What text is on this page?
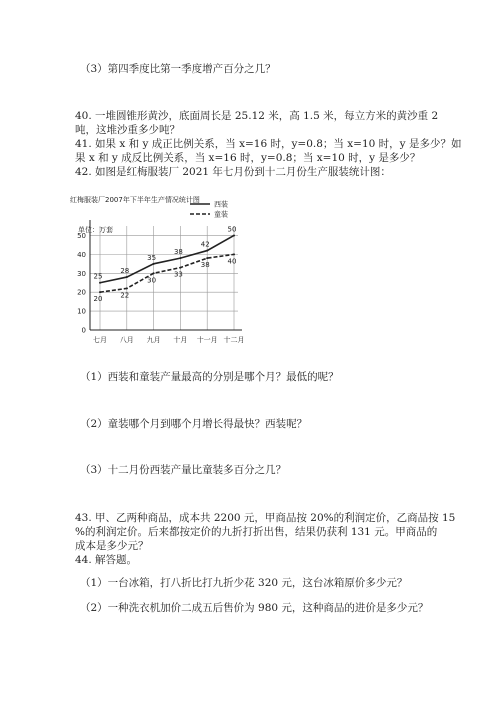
（3）第四季度比第一季度增产百分之几？
40. 一堆圆锥形黄沙，底面周长是 25.12 米，高 1.5 米，每立方米的黄沙重 2
吨，这堆沙重多少吨？
41. 如果 x 和 y 成正比例关系，当 x=16 时，y=0.8；当 x=10 时，y 是多少？如
果 x 和 y 成反比例关系，当 x=16 时，y=0.8；当 x=10 时，y 是多少？
42. 如图是红梅服装厂 2021 年七月份到十二月份生产服装统计图：
红梅服装厂2007年下半年生产情况统计图
单位：万套
0
10
20
30
40
50
七月 八月 九月 十月 十一月 十二月
西装
童装
25
28
35
38
42
50
20	22
30
33
38	40
（1）西装和童装产量最高的分别是哪个月？最低的呢？
（2）童装哪个月到哪个月增长得最快？西装呢？
（3）十二月份西装产量比童装多百分之几？
43. 甲、乙两种商品，成本共 2200 元，甲商品按 20%的利润定价，乙商品按 15
%的利润定价。后来都按定价的九折打折出售，结果仍获利 131 元。甲商品的
成本是多少元？
44. 解答题。
（1）一台冰箱，打八折比打九折少花 320 元，这台冰箱原价多少元？
（2）一种洗衣机加价二成五后售价为 980 元，这种商品的进价是多少元？
